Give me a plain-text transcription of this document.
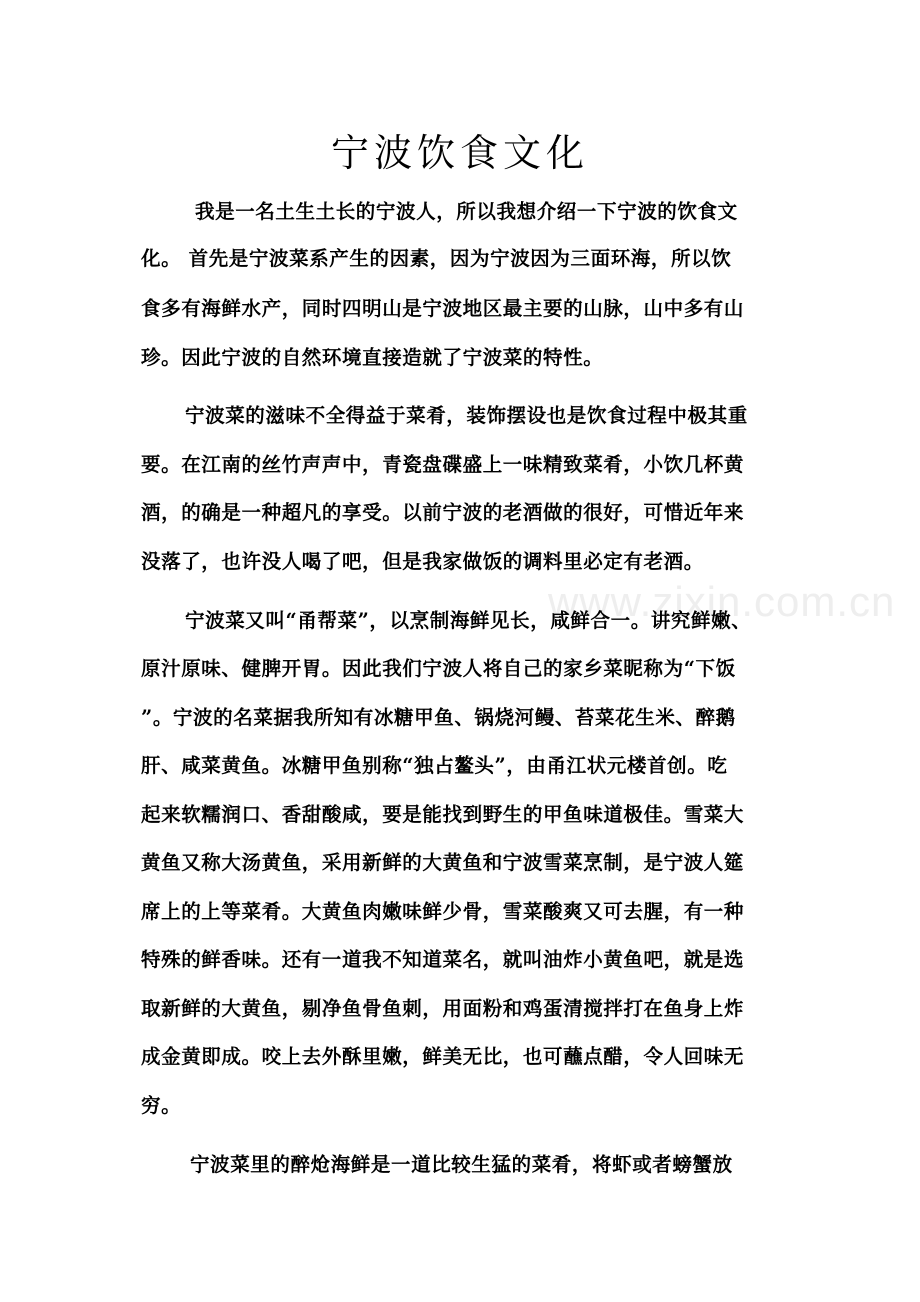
www.zixin.com.cn
宁波饮食文化
我是一名土生土长的宁波人，所以我想介绍一下宁波的饮食文
化。 首先是宁波菜系产生的因素，因为宁波因为三面环海，所以饮
食多有海鲜水产，同时四明山是宁波地区最主要的山脉，山中多有山
珍。因此宁波的自然环境直接造就了宁波菜的特性。
宁波菜的滋味不全得益于菜肴，装饰摆设也是饮食过程中极其重
要。在江南的丝竹声声中，青瓷盘碟盛上一味精致菜肴，小饮几杯黄
酒，的确是一种超凡的享受。以前宁波的老酒做的很好，可惜近年来
没落了，也许没人喝了吧，但是我家做饭的调料里必定有老酒。
宁波菜又叫“甬帮菜”，以烹制海鲜见长，咸鲜合一。讲究鲜嫩、
原汁原味、健脾开胃。因此我们宁波人将自己的家乡菜昵称为“下饭
”。宁波的名菜据我所知有冰糖甲鱼、锅烧河鳗、苔菜花生米、醉鹅
肝、咸菜黄鱼。冰糖甲鱼别称“独占鳌头”，由甬江状元楼首创。吃
起来软糯润口、香甜酸咸，要是能找到野生的甲鱼味道极佳。雪菜大
黄鱼又称大汤黄鱼，采用新鲜的大黄鱼和宁波雪菜烹制，是宁波人筵
席上的上等菜肴。大黄鱼肉嫩味鲜少骨，雪菜酸爽又可去腥，有一种
特殊的鲜香味。还有一道我不知道菜名，就叫油炸小黄鱼吧，就是选
取新鲜的大黄鱼，剔净鱼骨鱼刺，用面粉和鸡蛋清搅拌打在鱼身上炸
成金黄即成。咬上去外酥里嫩，鲜美无比，也可蘸点醋，令人回味无
穷。
宁波菜里的醉炝海鲜是一道比较生猛的菜肴，将虾或者螃蟹放
